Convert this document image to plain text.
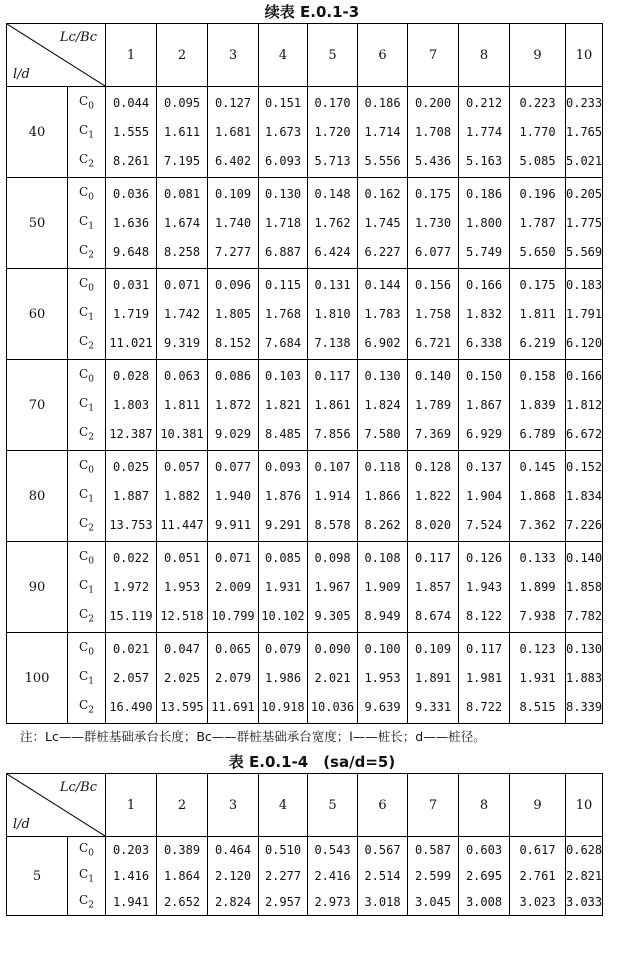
续表 E.0.1-3
Lc/Bc
l/d		1	2	3	4	5	6	7	8	9	10
40	$C_0$	0.044	0.095	0.127	0.151	0.170	0.186	0.200	0.212	0.223	0.233
	$C_1$	1.555	1.611	1.681	1.673	1.720	1.714	1.708	1.774	1.770	1.765
	$C_2$	8.261	7.195	6.402	6.093	5.713	5.556	5.436	5.163	5.085	5.021
50	$C_0$	0.036	0.081	0.109	0.130	0.148	0.162	0.175	0.186	0.196	0.205
	$C_1$	1.636	1.674	1.740	1.718	1.762	1.745	1.730	1.800	1.787	1.775
	$C_2$	9.648	8.258	7.277	6.887	6.424	6.227	6.077	5.749	5.650	5.569
60	$C_0$	0.031	0.071	0.096	0.115	0.131	0.144	0.156	0.166	0.175	0.183
	$C_1$	1.719	1.742	1.805	1.768	1.810	1.783	1.758	1.832	1.811	1.791
	$C_2$	11.021	9.319	8.152	7.684	7.138	6.902	6.721	6.338	6.219	6.120
70	$C_0$	0.028	0.063	0.086	0.103	0.117	0.130	0.140	0.150	0.158	0.166
	$C_1$	1.803	1.811	1.872	1.821	1.861	1.824	1.789	1.867	1.839	1.812
	$C_2$	12.387	10.381	9.029	8.485	7.856	7.580	7.369	6.929	6.789	6.672
80	$C_0$	0.025	0.057	0.077	0.093	0.107	0.118	0.128	0.137	0.145	0.152
	$C_1$	1.887	1.882	1.940	1.876	1.914	1.866	1.822	1.904	1.868	1.834
	$C_2$	13.753	11.447	9.911	9.291	8.578	8.262	8.020	7.524	7.362	7.226
90	$C_0$	0.022	0.051	0.071	0.085	0.098	0.108	0.117	0.126	0.133	0.140
	$C_1$	1.972	1.953	2.009	1.931	1.967	1.909	1.857	1.943	1.899	1.858
	$C_2$	15.119	12.518	10.799	10.102	9.305	8.949	8.674	8.122	7.938	7.782
100	$C_0$	0.021	0.047	0.065	0.079	0.090	0.100	0.109	0.117	0.123	0.130
	$C_1$	2.057	2.025	2.079	1.986	2.021	1.953	1.891	1.981	1.931	1.883
	$C_2$	16.490	13.595	11.691	10.918	10.036	9.639	9.331	8.722	8.515	8.339
注：Lc——群桩基础承台长度；Bc——群桩基础承台宽度；l——桩长；d——桩径。
表 E.0.1-4　(sa/d=5)
Lc/Bc
l/d		1	2	3	4	5	6	7	8	9	10
5	$C_0$	0.203	0.389	0.464	0.510	0.543	0.567	0.587	0.603	0.617	0.628
	$C_1$	1.416	1.864	2.120	2.277	2.416	2.514	2.599	2.695	2.761	2.821
	$C_2$	1.941	2.652	2.824	2.957	2.973	3.018	3.045	3.008	3.023	3.033
